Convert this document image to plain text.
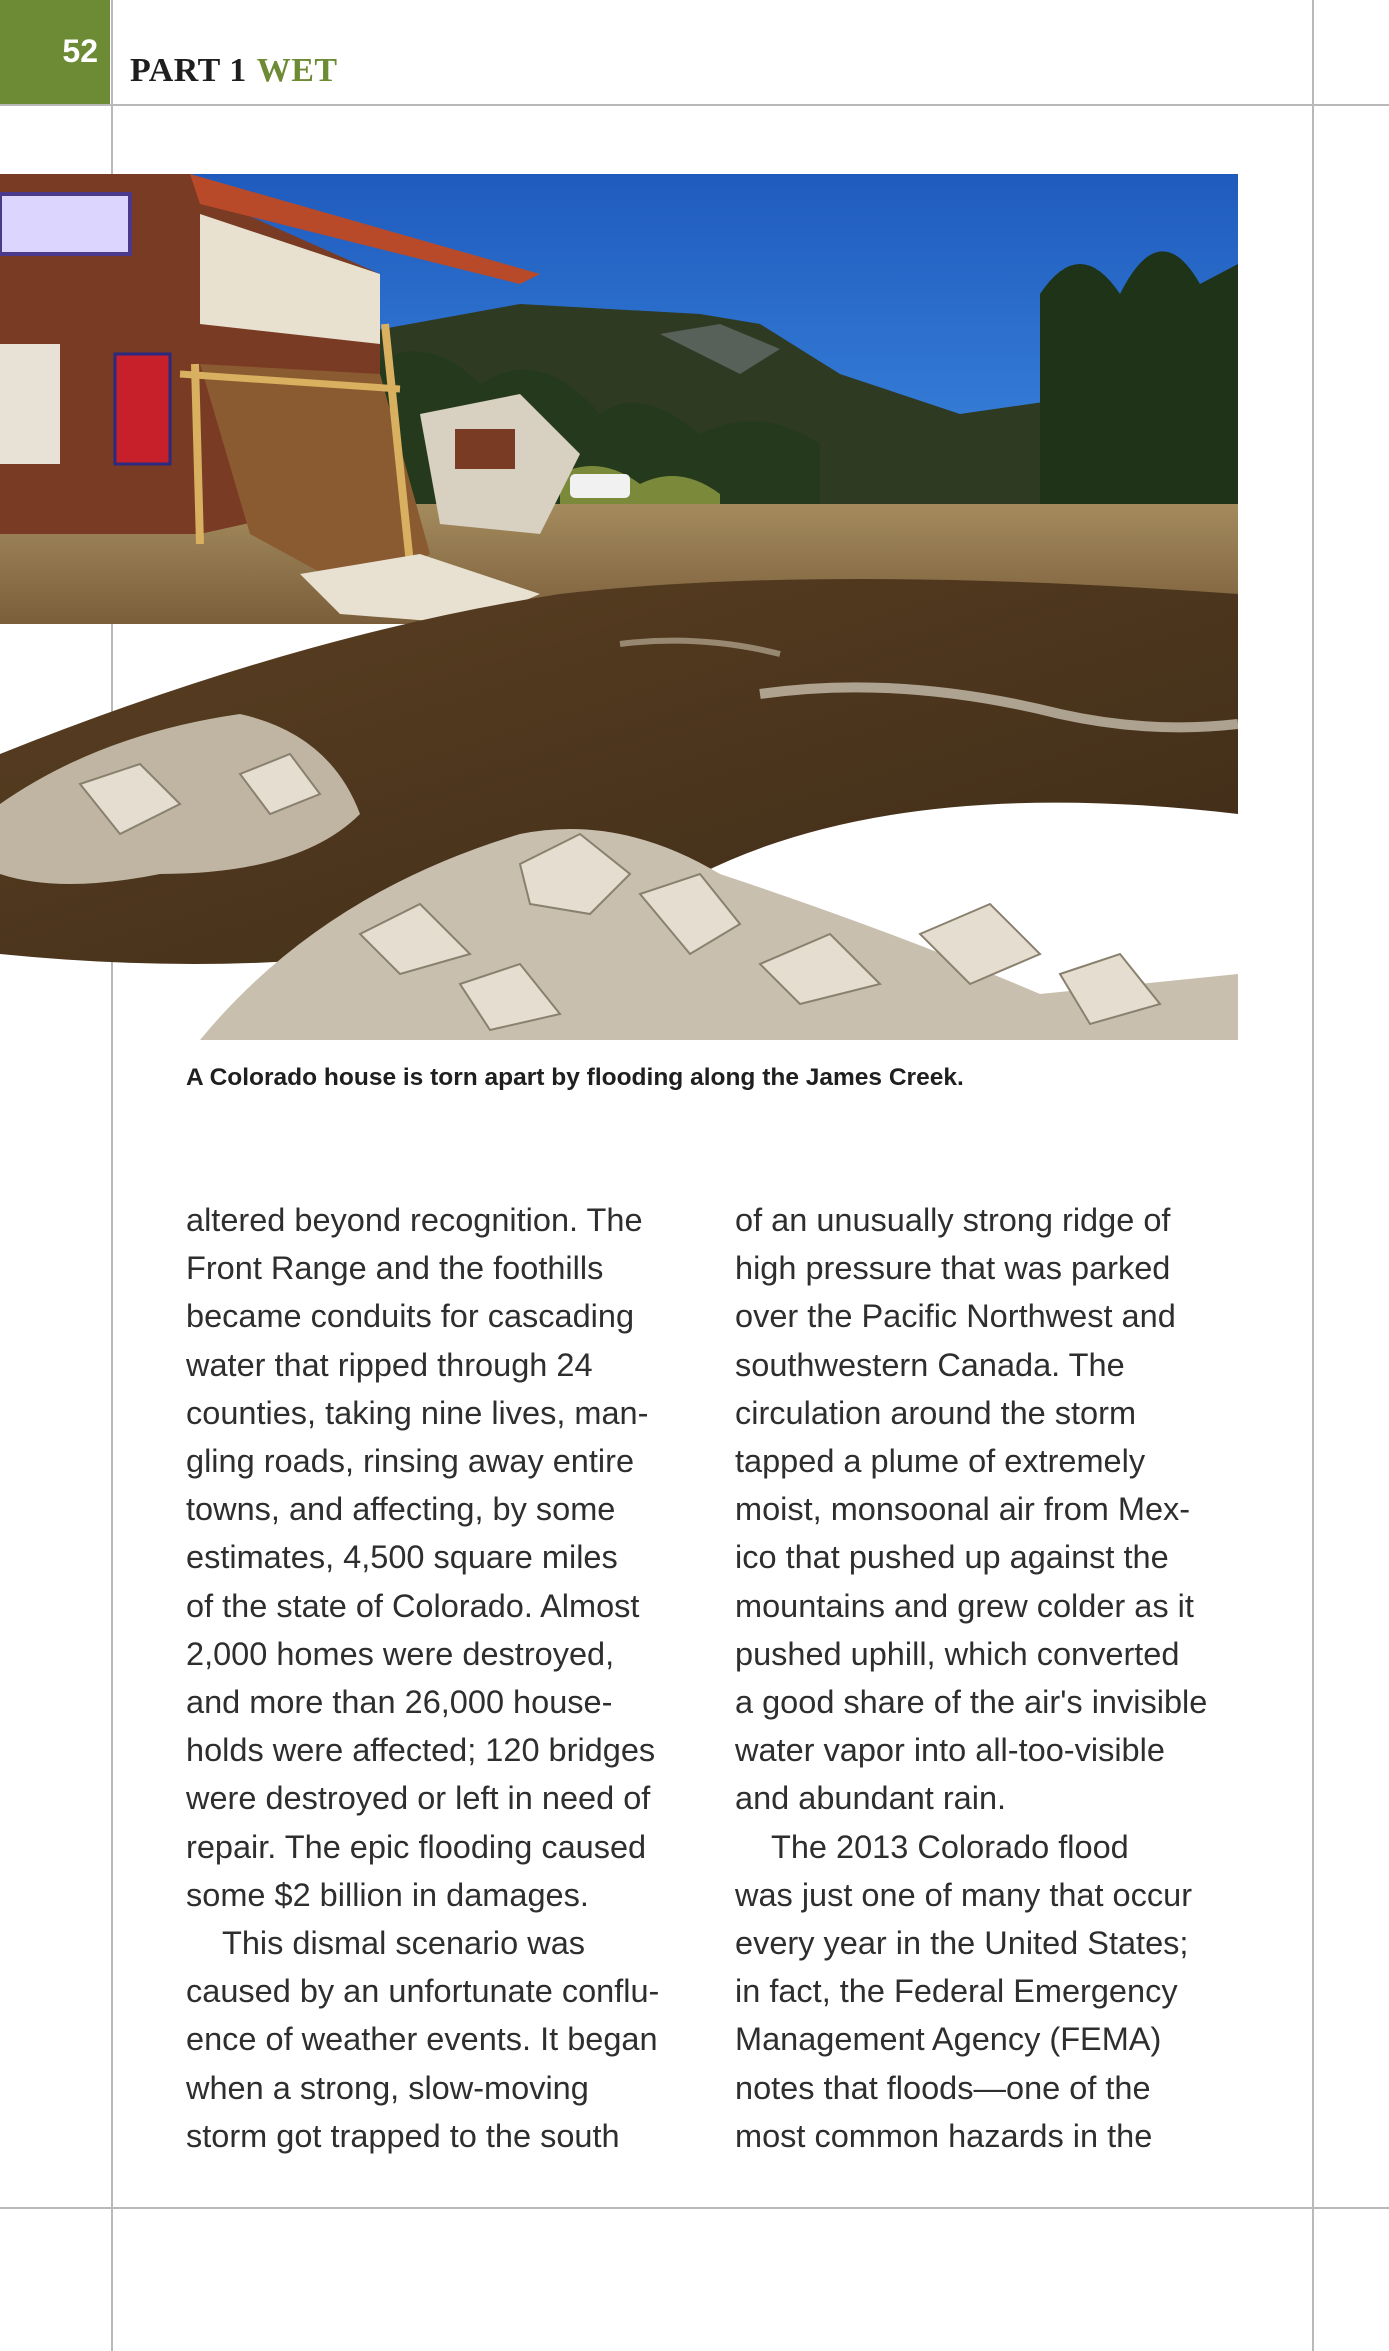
52
PART 1 WET
A Colorado house is torn apart by flooding along the James Creek.

altered beyond recognition. The
Front Range and the foothills
became conduits for cascading
water that ripped through 24
counties, taking nine lives, man-
gling roads, rinsing away entire
towns, and affecting, by some
estimates, 4,500 square miles
of the state of Colorado. Almost
2,000 homes were destroyed,
and more than 26,000 house-
holds were affected; 120 bridges
were destroyed or left in need of
repair. The epic flooding caused
some $2 billion in damages.

This dismal scenario was
caused by an unfortunate conflu-
ence of weather events. It began
when a strong, slow-moving
storm got trapped to the south

of an unusually strong ridge of
high pressure that was parked
over the Pacific Northwest and
southwestern Canada. The
circulation around the storm
tapped a plume of extremely
moist, monsoonal air from Mex-
ico that pushed up against the
mountains and grew colder as it
pushed uphill, which converted
a good share of the air's invisible
water vapor into all-too-visible
and abundant rain.

The 2013 Colorado flood
was just one of many that occur
every year in the United States;
in fact, the Federal Emergency
Management Agency (FEMA)
notes that floods—one of the
most common hazards in the
